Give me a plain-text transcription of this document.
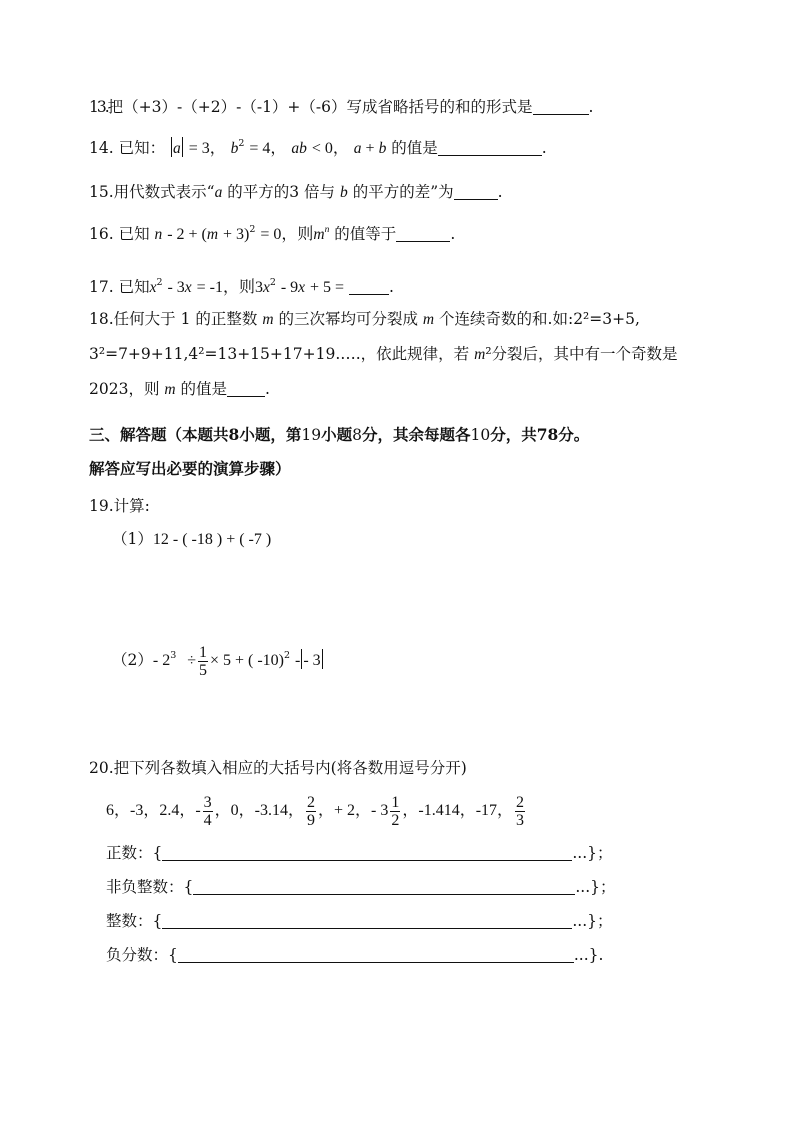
13.把（+3）-（+2）-（-1）+（-6）写成省略括号的和的形式是	.
14. 已知： a = 3， $b^2 = 4$， ab < 0， a + b 的值是	.
15.用代数式表示“a 的平方的3 倍与 b 的平方的差”为	.
16. 已知 $n - 2 + (m + 3)^2 = 0$，则$m^n$ 的值等于	.
17. 已知$x^2 - 3x = -1$，则$3x^2 - 9x + 5$ =	.
18.任何大于 1 的正整数 m 的三次幂均可分裂成 m 个连续奇数的和.如:2²=3+5,
3²=7+9+11,4²=13+15+17+19.….，依此规律，若 m²分裂后，其中有一个奇数是
2023，则 m 的值是 .
三、解答题（本题共8小题，第19小题8分，其余每题各10分，共78分。
解答应写出必要的演算步骤）
19.计算:
（1）12 - ( -18 ) + ( -7 )
（2）- $2^3 \div \frac{1}{5} \times 5$ + ( -10)$^2$ - - 3
20.把下列各数填入相应的大括号内(将各数用逗号分开)
6，-3，2.4，- $\frac{3}{4}$ ，0，-3.14， $\frac{2}{9}$ ，+ 2，- $3 \frac{1}{2}$ ，-1.414，-17， $\frac{2}{3}$
正数：{	...}；
非负整数：{	...}；
整数：{	...}；
负分数：{	...}.
